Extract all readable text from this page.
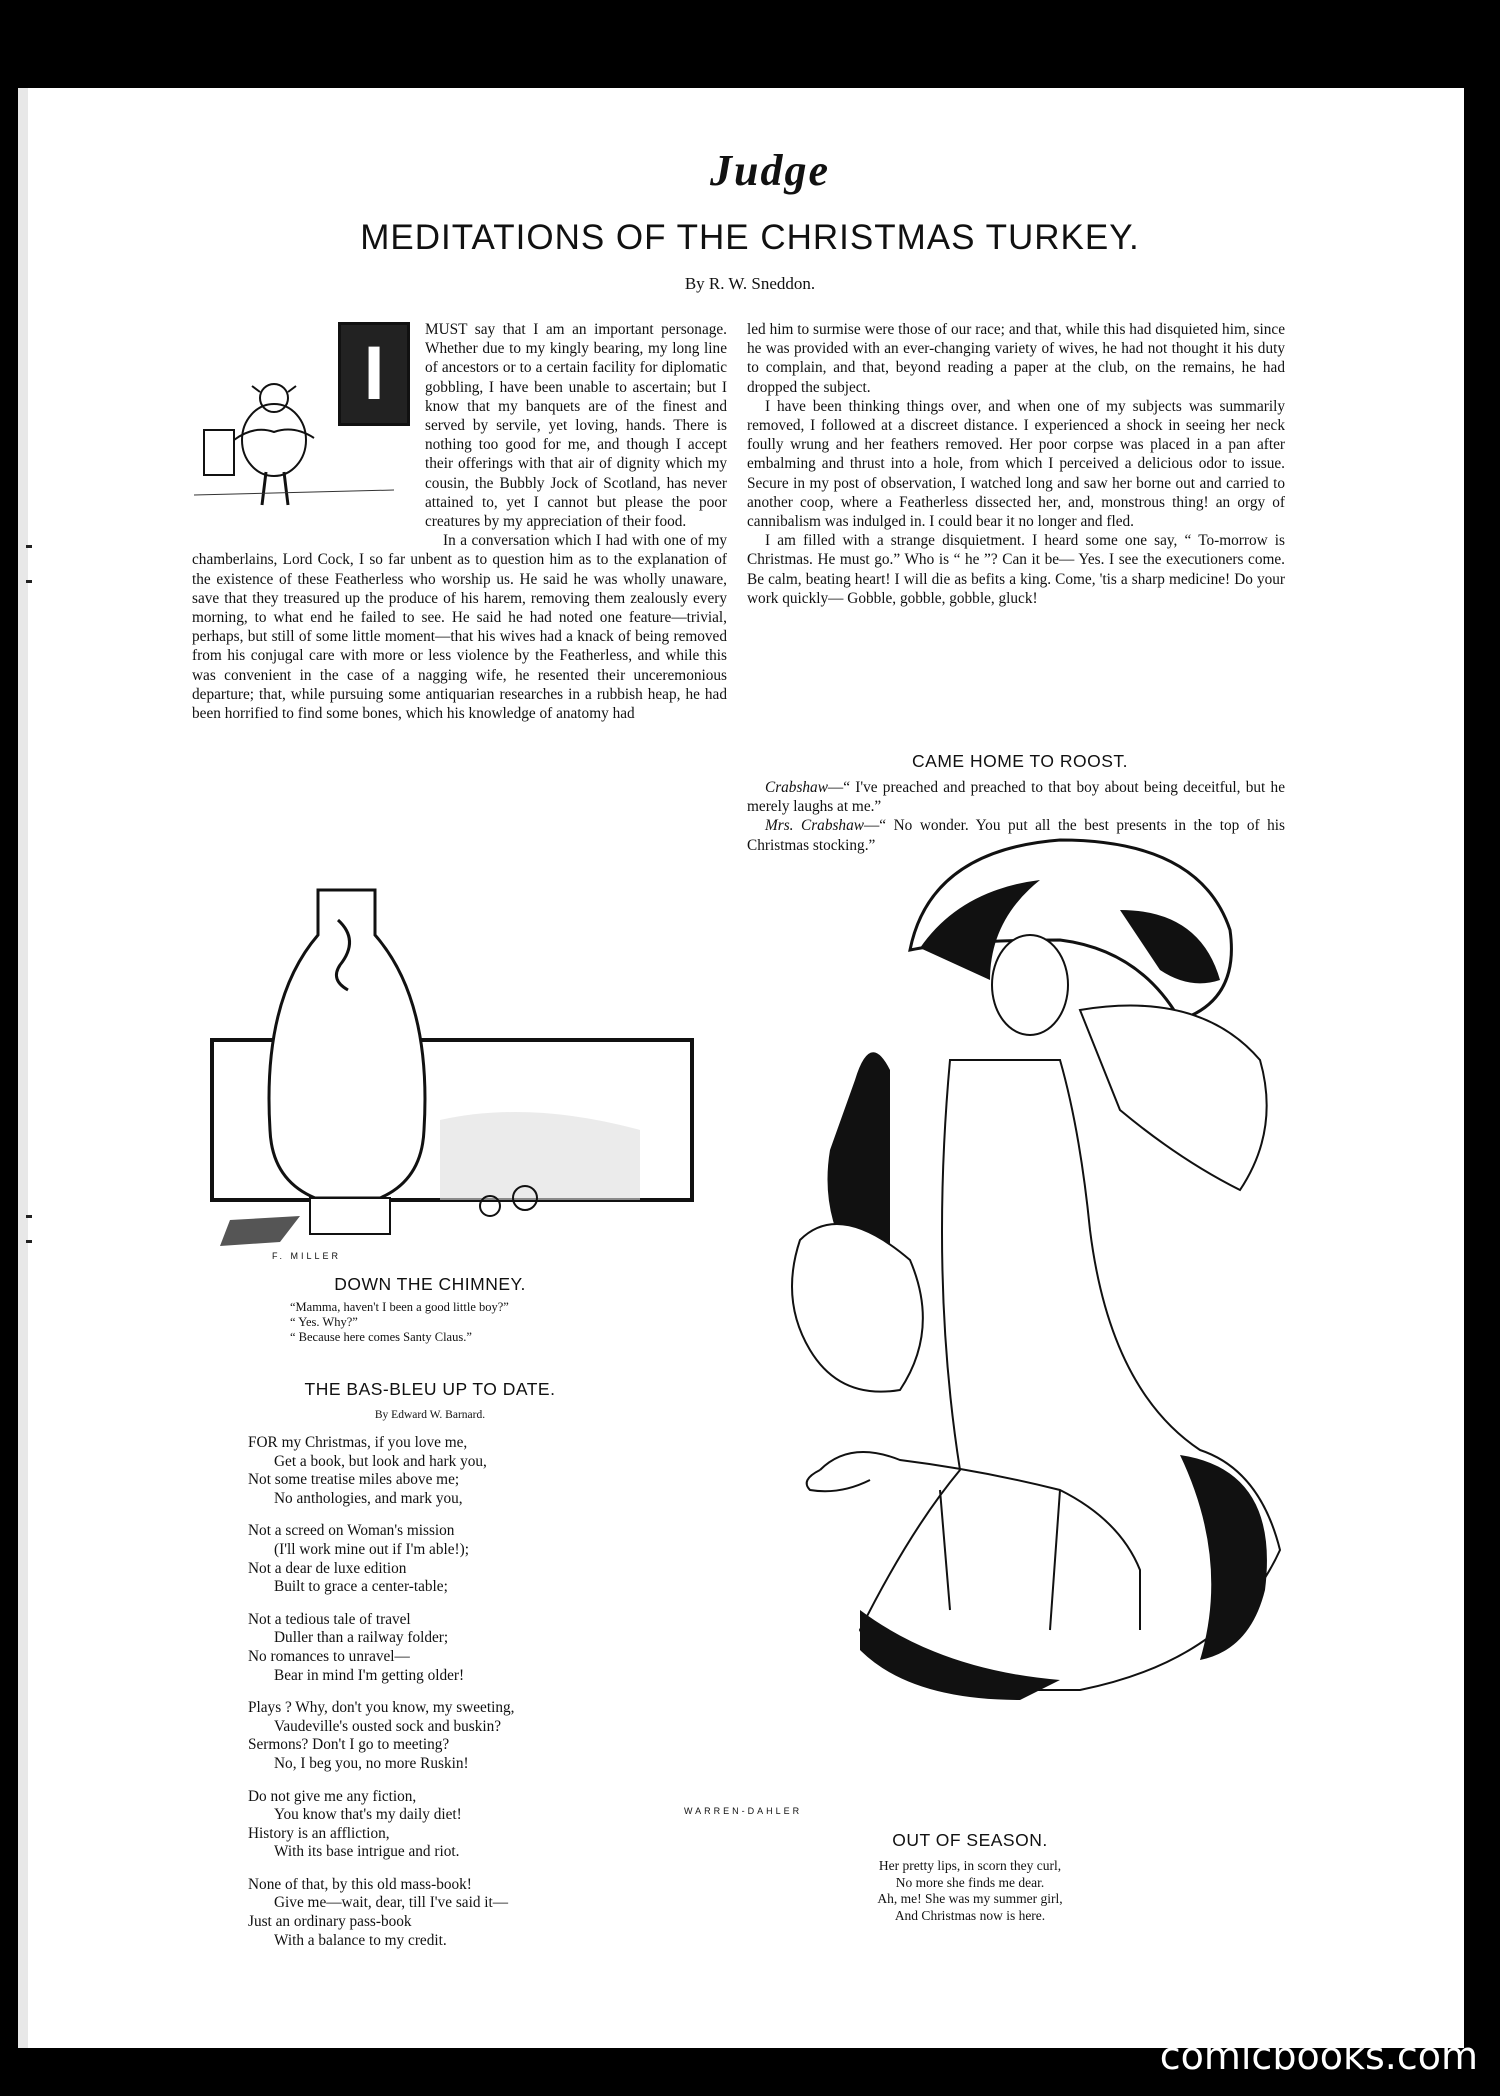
Judge
MEDITATIONS OF THE CHRISTMAS TURKEY.
By R. W. Sneddon.
I

MUST say that I am an important personage. Whether due to my kingly bearing, my long line of ancestors or to a certain facility for diplomatic gobbling, I have been unable to ascertain; but I know that my banquets are of the finest and served by servile, yet loving, hands. There is nothing too good for me, and though I accept their offerings with that air of dignity which my cousin, the Bubbly Jock of Scotland, has never attained to, yet I cannot but please the poor creatures by my appreciation of their food.

In a conversation which I had with one of my chamberlains, Lord Cock, I so far unbent as to question him as to the explanation of the existence of these Featherless who worship us. He said he was wholly unaware, save that they treasured up the produce of his harem, removing them zealously every morning, to what end he failed to see. He said he had noted one feature—trivial, perhaps, but still of some little moment—that his wives had a knack of being removed from his conjugal care with more or less violence by the Featherless, and while this was convenient in the case of a nagging wife, he resented their unceremonious departure; that, while pursuing some antiquarian researches in a rubbish heap, he had been horrified to find some bones, which his knowledge of anatomy had

led him to surmise were those of our race; and that, while this had disquieted him, since he was provided with an ever-changing variety of wives, he had not thought it his duty to complain, and that, beyond reading a paper at the club, on the remains, he had dropped the subject.

I have been thinking things over, and when one of my subjects was summarily removed, I followed at a discreet distance. I experienced a shock in seeing her neck foully wrung and her feathers removed. Her poor corpse was placed in a pan after embalming and thrust into a hole, from which I perceived a delicious odor to issue. Secure in my post of observation, I watched long and saw her borne out and carried to another coop, where a Featherless dissected her, and, monstrous thing! an orgy of cannibalism was indulged in. I could bear it no longer and fled.

I am filled with a strange disquietment. I heard some one say, “ To-morrow is Christmas. He must go.” Who is “ he ”? Can it be— Yes. I see the executioners come. Be calm, beating heart! I will die as befits a king. Come, 'tis a sharp medicine! Do your work quickly— Gobble, gobble, gobble, gluck!

CAME HOME TO ROOST.

Crabshaw—“ I've preached and preached to that boy about being deceitful, but he merely laughs at me.”

Mrs. Crabshaw—“ No wonder. You put all the best presents in the top of his Christmas stocking.”

F. MILLER
DOWN THE CHIMNEY.

“Mamma, haven't I been a good little boy?”

“ Yes. Why?”

“ Because here comes Santy Claus.”

THE BAS-BLEU UP TO DATE.
By Edward W. Barnard.
FOR my Christmas, if you love me,
Get a book, but look and hark you,
Not some treatise miles above me;
No anthologies, and mark you,
Not a screed on Woman's mission
(I'll work mine out if I'm able!);
Not a dear de luxe edition
Built to grace a center-table;
Not a tedious tale of travel
Duller than a railway folder;
No romances to unravel—
Bear in mind I'm getting older!
Plays ? Why, don't you know, my sweeting,
Vaudeville's ousted sock and buskin?
Sermons? Don't I go to meeting?
No, I beg you, no more Ruskin!
Do not give me any fiction,
You know that's my daily diet!
History is an affliction,
With its base intrigue and riot.
None of that, by this old mass-book!
Give me—wait, dear, till I've said it—
Just an ordinary pass-book
With a balance to my credit.
WARREN-DAHLER
OUT OF SEASON.
Her pretty lips, in scorn they curl,
No more she finds me dear.
Ah, me! She was my summer girl,
And Christmas now is here.
comicbooks.com
